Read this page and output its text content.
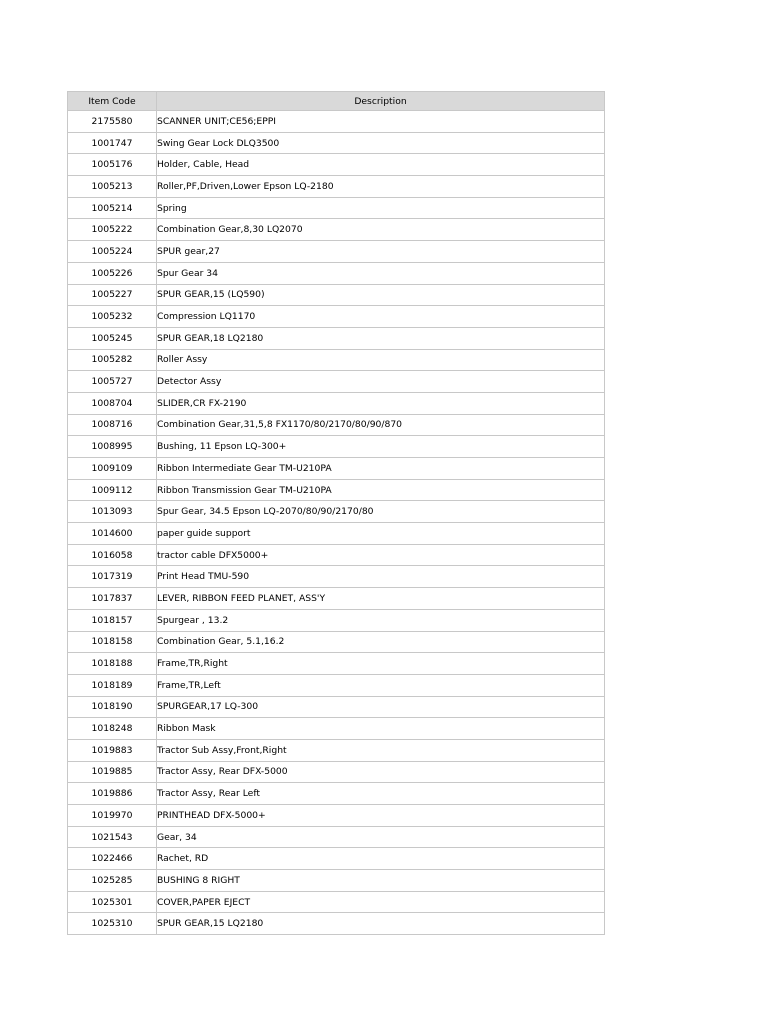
Item Code	Description
2175580	SCANNER UNIT;CE56;EPPI
1001747	Swing Gear Lock DLQ3500
1005176	Holder, Cable, Head
1005213	Roller,PF,Driven,Lower Epson LQ-2180
1005214	Spring
1005222	Combination Gear,8,30 LQ2070
1005224	SPUR gear,27
1005226	Spur Gear 34
1005227	SPUR GEAR,15 (LQ590)
1005232	Compression LQ1170
1005245	SPUR GEAR,18 LQ2180
1005282	Roller Assy
1005727	Detector Assy
1008704	SLIDER,CR FX-2190
1008716	Combination Gear,31,5,8 FX1170/80/2170/80/90/870
1008995	Bushing, 11 Epson LQ-300+
1009109	Ribbon Intermediate Gear TM-U210PA
1009112	Ribbon Transmission Gear TM-U210PA
1013093	Spur Gear, 34.5 Epson LQ-2070/80/90/2170/80
1014600	paper guide support
1016058	tractor cable DFX5000+
1017319	Print Head TMU-590
1017837	LEVER, RIBBON FEED PLANET, ASS'Y
1018157	Spurgear , 13.2
1018158	Combination Gear, 5.1,16.2
1018188	Frame,TR,Right
1018189	Frame,TR,Left
1018190	SPURGEAR,17 LQ-300
1018248	Ribbon Mask
1019883	Tractor Sub Assy,Front,Right
1019885	Tractor Assy, Rear DFX-5000
1019886	Tractor Assy, Rear Left
1019970	PRINTHEAD DFX-5000+
1021543	Gear, 34
1022466	Rachet, RD
1025285	BUSHING 8 RIGHT
1025301	COVER,PAPER EJECT
1025310	SPUR GEAR,15 LQ2180
